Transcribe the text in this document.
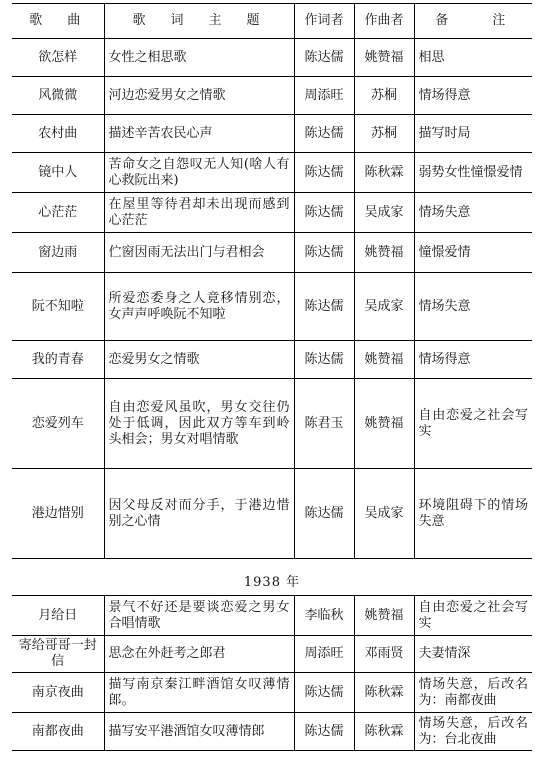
歌　曲	歌　词　主　题	作词者	作曲者	备　　注
欲怎样	女性之相思歌	陈达儒	姚赞福	相思
风微微	河边恋爱男女之情歌	周添旺	苏桐	情场得意
农村曲	描述辛苦农民心声	陈达儒	苏桐	描写时局
镜中人	苦命女之自怨叹无人知(啥人有心救阮出来)	陈达儒	陈秋霖	弱势女性憧憬爱情
心茫茫	在屋里等待君却未出现而感到心茫茫	陈达儒	吴成家	情场失意
窗边雨	伫窗因雨无法出门与君相会	陈达儒	姚赞福	憧憬爱情
阮不知啦	所爱恋委身之人竟移情别恋，女声声呼唤阮不知啦	陈达儒	吴成家	情场失意
我的青春	恋爱男女之情歌	陈达儒	姚赞福	情场得意
恋爱列车	自由恋爱风虽吹，男女交往仍处于低调，因此双方等车到岭头相会；男女对唱情歌	陈君玉	姚赞福	自由恋爱之社会写实
港边惜别	因父母反对而分手，于港边惜别之心情	陈达儒	吴成家	环境阻碍下的情场失意
1938 年
月给日	景气不好还是要谈恋爱之男女合唱情歌	李临秋	姚赞福	自由恋爱之社会写实
寄给哥哥一封信	思念在外赶考之郎君	周添旺	邓雨贤	夫妻情深
南京夜曲	描写南京秦江畔酒馆女叹薄情郎。	陈达儒	陈秋霖	情场失意，后改名为：南都夜曲
南都夜曲	描写安平港酒馆女叹薄情郎	陈达儒	陈秋霖	情场失意，后改名为：台北夜曲
